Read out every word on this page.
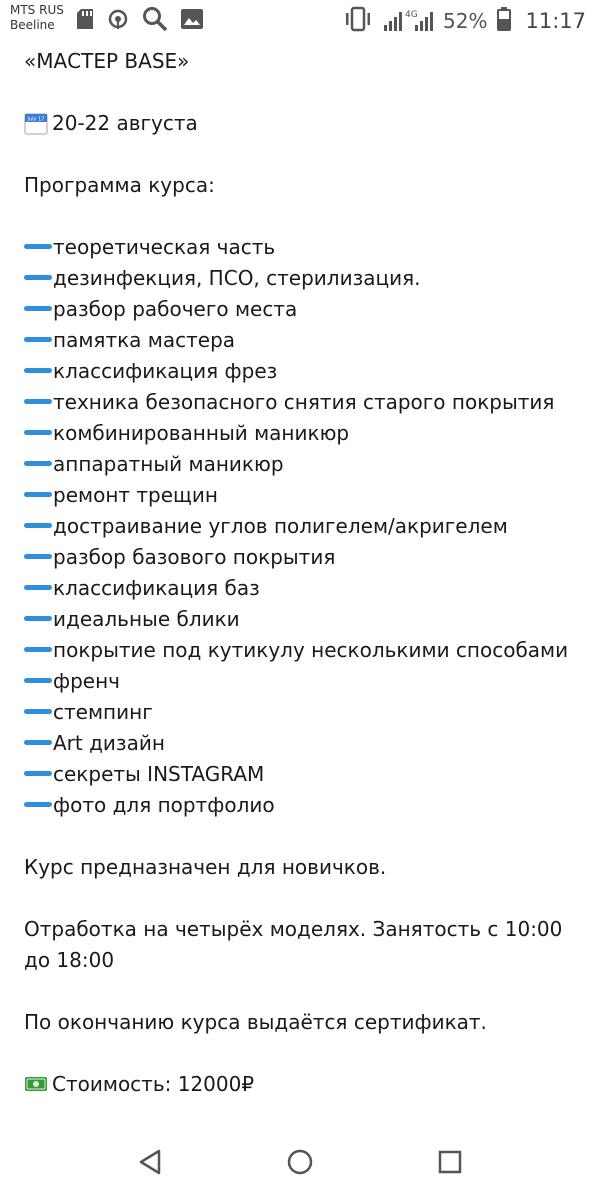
MTS RUS
Beeline
4G 52% 11:17
«МАСТЕР BASE»
July 17 20-22 августа
Программа курса:
теоретическая часть
дезинфекция, ПСО, стерилизация.
разбор рабочего места
памятка мастера
классификация фрез
техника безопасного снятия старого покрытия
комбинированный маникюр
аппаратный маникюр
ремонт трещин
достраивание углов полигелем/акригелем
разбор базового покрытия
классификация баз
идеальные блики
покрытие под кутикулу несколькими способами
френч
стемпинг
Art дизайн
секреты INSTAGRAM
фото для портфолио
Курс предназначен для новичков.
Отработка на четырёх моделях. Занятость с 10:00 до 18:00
По окончанию курса выдаётся сертификат.
Стоимость: 12000₽
